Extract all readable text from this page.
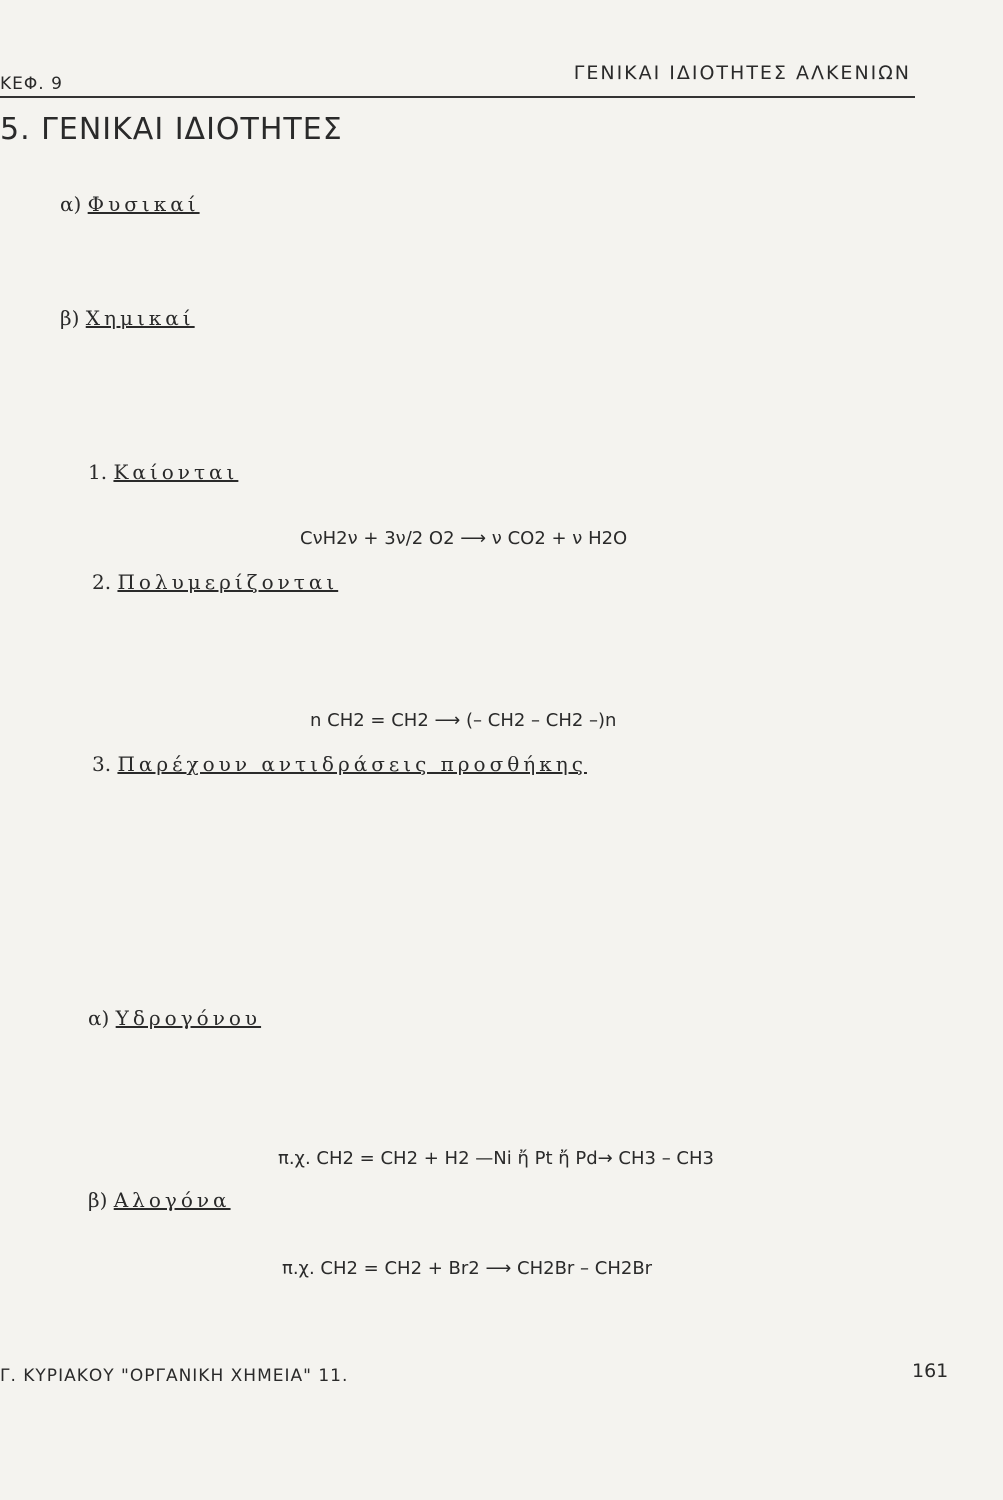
ΚΕΦ. 9	ΓΕΝΙΚΑΙ ΙΔΙΟΤΗΤΕΣ ΑΛΚΕΝΙΩΝ
5. ΓΕΝΙΚΑΙ ΙΔΙΟΤΗΤΕΣ
α) Φυσικαί
β) Χημικαί
1. Καίονται
CνH2ν + 3ν/2 O2 ⟶ ν CO2 + ν H2O
2. Πολυμερίζονται
n CH2 = CH2 ⟶ (– CH2 – CH2 –)n
3. Παρέχουν αντιδράσεις προσθήκης
α) Υδρογόνου
π.χ. CH2 = CH2 + H2 —Ni ἤ Pt ἤ Pd→ CH3 – CH3
β) Αλογόνα
π.χ. CH2 = CH2 + Br2 ⟶ CH2Br – CH2Br
Γ. ΚΥΡΙΑΚΟΥ "ΟΡΓΑΝΙΚΗ ΧΗΜΕΙΑ" 11.	161
